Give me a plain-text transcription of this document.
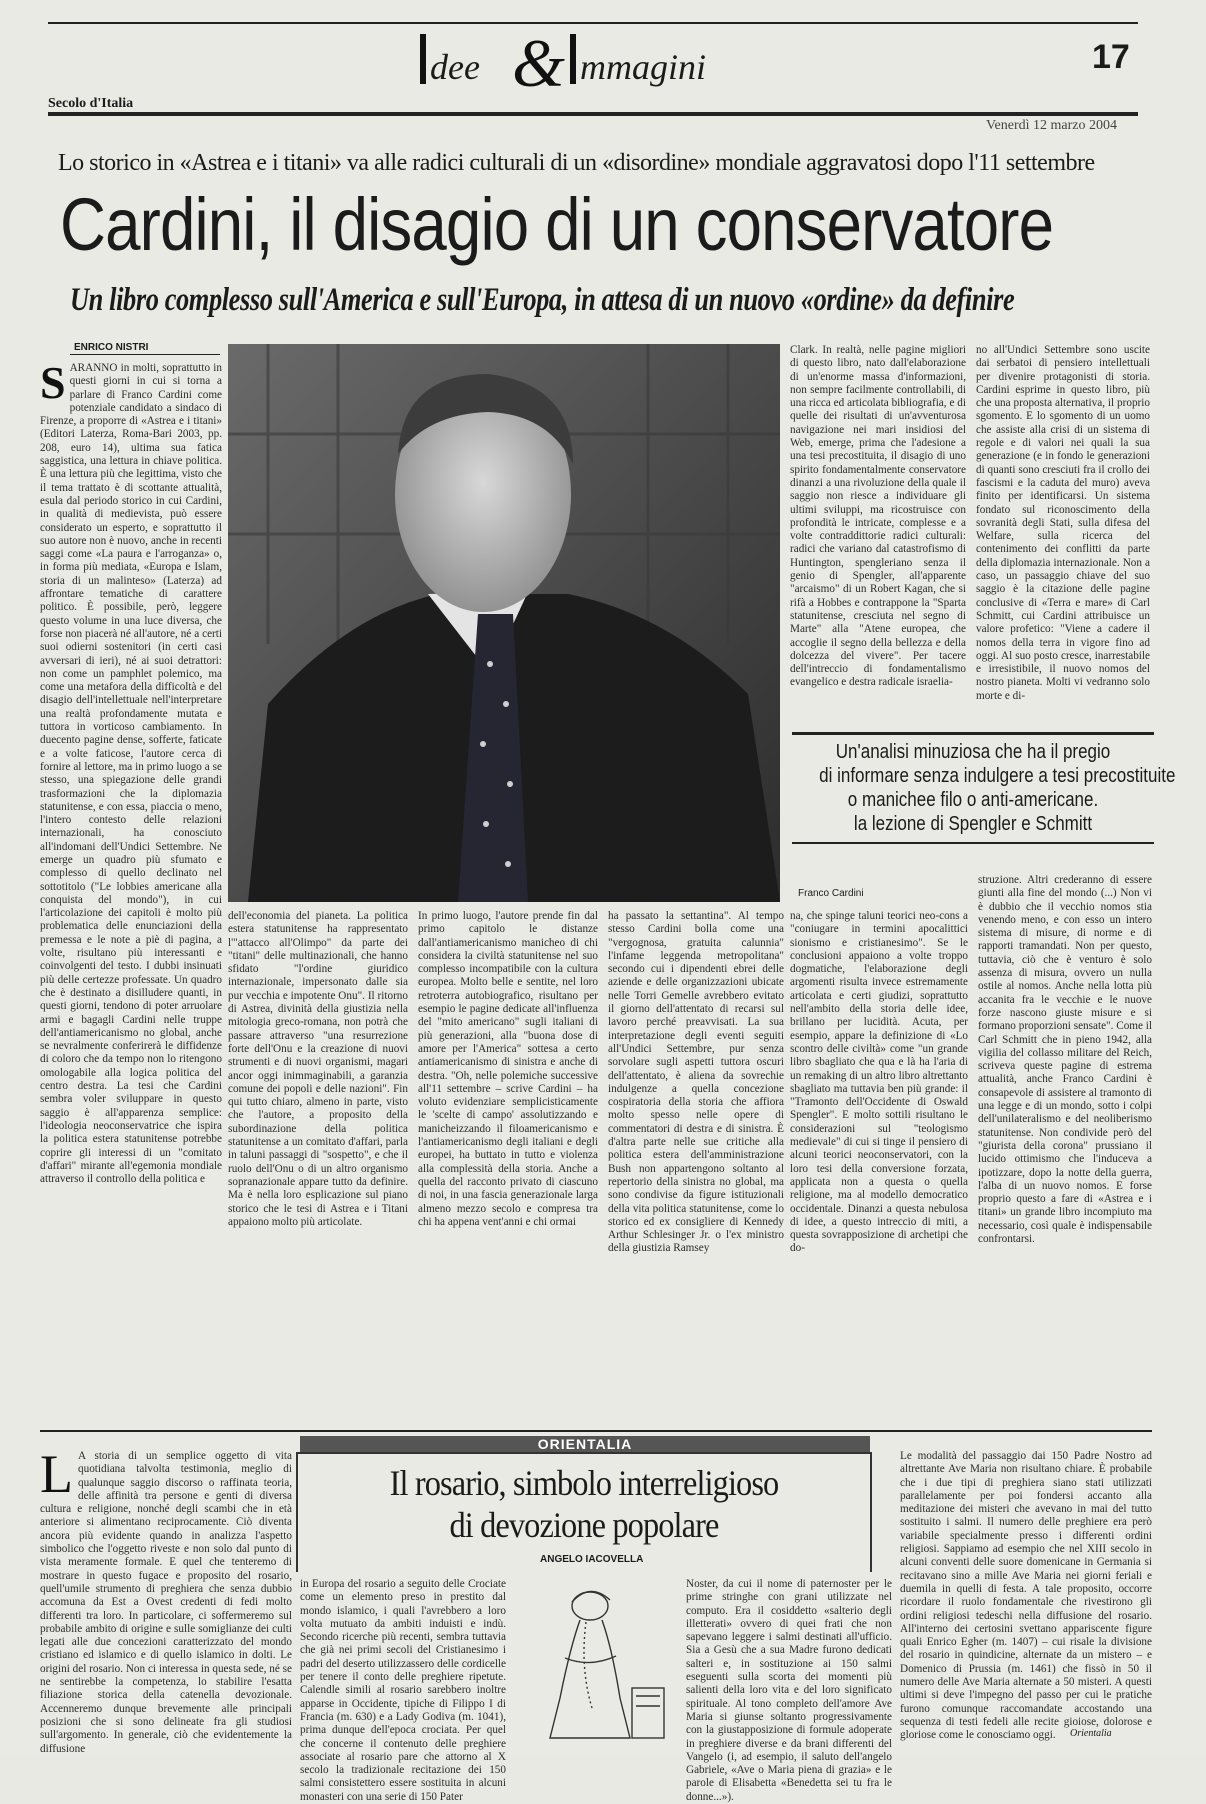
dee & mmagini	17
Secolo d'Italia
Venerdì 12 marzo 2004
Lo storico in «Astrea e i titani» va alle radici culturali di un «disordine» mondiale aggravatosi dopo l'11 settembre
Cardini, il disagio di un conservatore
Un libro complesso sull'America e sull'Europa, in attesa di un nuovo «ordine» da definire
ENRICO NISTRI
SARANNO in molti, soprattutto in questi giorni in cui si torna a parlare di Franco Cardini come potenziale candidato a sindaco di Firenze, a proporre di «Astrea e i titani» (Editori Laterza, Roma-Bari 2003, pp. 208, euro 14), ultima sua fatica saggistica, una lettura in chiave politica. È una lettura più che legittima, visto che il tema trattato è di scottante attualità, esula dal periodo storico in cui Cardini, in qualità di medievista, può essere considerato un esperto, e soprattutto il suo autore non è nuovo, anche in recenti saggi come «La paura e l'arroganza» o, in forma più mediata, «Europa e Islam, storia di un malinteso» (Laterza) ad affrontare tematiche di carattere politico. È possibile, però, leggere questo volume in una luce diversa, che forse non piacerà né all'autore, né a certi suoi odierni sostenitori (in certi casi avversari di ieri), né ai suoi detrattori: non come un pamphlet polemico, ma come una metafora della difficoltà e del disagio dell'intellettuale nell'interpretare una realtà profondamente mutata e tuttora in vorticoso cambiamento. In duecento pagine dense, sofferte, faticate e a volte faticose, l'autore cerca di fornire al lettore, ma in primo luogo a se stesso, una spiegazione delle grandi trasformazioni che la diplomazia statunitense, e con essa, piaccia o meno, l'intero contesto delle relazioni internazionali, ha conosciuto all'indomani dell'Undici Settembre. Ne emerge un quadro più sfumato e complesso di quello declinato nel sottotitolo ("Le lobbies americane alla conquista del mondo"), in cui l'articolazione dei capitoli è molto più problematica delle enunciazioni della premessa e le note a piè di pagina, a volte, risultano più interessanti e coinvolgenti del testo. I dubbi insinuati più delle certezze professate. Un quadro che è destinato a disilludere quanti, in questi giorni, tendono di poter arruolare armi e bagagli Cardini nelle truppe dell'antiamericanismo no global, anche se nevralmente conferirerà le diffidenze di coloro che da tempo non lo ritengono omologabile alla logica politica del centro destra. La tesi che Cardini sembra voler sviluppare in questo saggio è all'apparenza semplice: l'ideologia neoconservatrice che ispira la politica estera statunitense potrebbe coprire gli interessi di un "comitato d'affari" mirante all'egemonia mondiale attraverso il controllo della politica e
Un'analisi minuziosa che ha il pregio
di informare senza indulgere a tesi precostituite
o manichee filo o anti-americane.
la lezione di Spengler e Schmitt
Franco Cardini
dell'economia del pianeta. La politica estera statunitense ha rappresentato l'"attacco all'Olimpo" da parte dei "titani" delle multinazionali, che hanno sfidato "l'ordine giuridico internazionale, impersonato dalle sia pur vecchia e impotente Onu". Il ritorno di Astrea, divinità della giustizia nella mitologia greco-romana, non potrà che passare attraverso "una resurrezione forte dell'Onu e la creazione di nuovi strumenti e di nuovi organismi, magari ancor oggi inimmaginabili, a garanzia comune dei popoli e delle nazioni". Fin qui tutto chiaro, almeno in parte, visto che l'autore, a proposito della subordinazione della politica statunitense a un comitato d'affari, parla in taluni passaggi di "sospetto", e che il ruolo dell'Onu o di un altro organismo sopranazionale appare tutto da definire. Ma è nella loro esplicazione sul piano storico che le tesi di Astrea e i Titani appaiono molto più articolate.
In primo luogo, l'autore prende fin dal primo capitolo le distanze dall'antiamericanismo manicheo di chi considera la civiltà statunitense nel suo complesso incompatibile con la cultura europea. Molto belle e sentite, nel loro retroterra autobiografico, risultano per esempio le pagine dedicate all'influenza del "mito americano" sugli italiani di più generazioni, alla "buona dose di amore per l'America" sottesa a certo antiamericanismo di sinistra e anche di destra. "Oh, nelle polemiche successive all'11 settembre – scrive Cardini – ha voluto evidenziare semplicisticamente le 'scelte di campo' assolutizzando e manicheizzando il filoamericanismo e l'antiamericanismo degli italiani e degli europei, ha buttato in tutto e violenza alla complessità della storia. Anche a quella del racconto privato di ciascuno di noi, in una fascia generazionale larga almeno mezzo secolo e compresa tra chi ha appena vent'anni e chi ormai
ha passato la settantina". Al tempo stesso Cardini bolla come una "vergognosa, gratuita calunnia" l'infame leggenda metropolitana" secondo cui i dipendenti ebrei delle aziende e delle organizzazioni ubicate nelle Torri Gemelle avrebbero evitato il giorno dell'attentato di recarsi sul lavoro perché preavvisati. La sua interpretazione degli eventi seguiti all'Undici Settembre, pur senza sorvolare sugli aspetti tuttora oscuri dell'attentato, è aliena da sovrechie indulgenze a quella concezione cospiratoria della storia che affiora molto spesso nelle opere di commentatori di destra e di sinistra. È d'altra parte nelle sue critiche alla politica estera dell'amministrazione Bush non appartengono soltanto al repertorio della sinistra no global, ma sono condivise da figure istituzionali della vita politica statunitense, come lo storico ed ex consigliere di Kennedy Arthur Schlesinger Jr. o l'ex ministro della giustizia Ramsey
Clark. In realtà, nelle pagine migliori di questo libro, nato dall'elaborazione di un'enorme massa d'informazioni, non sempre facilmente controllabili, di una ricca ed articolata bibliografia, e di quelle dei risultati di un'avventurosa navigazione nei mari insidiosi del Web, emerge, prima che l'adesione a una tesi precostituita, il disagio di uno spirito fondamentalmente conservatore dinanzi a una rivoluzione della quale il saggio non riesce a individuare gli ultimi sviluppi, ma ricostruisce con profondità le intricate, complesse e a volte contraddittorie radici culturali: radici che variano dal catastrofismo di Huntington, spengleriano senza il genio di Spengler, all'apparente "arcaismo" di un Robert Kagan, che si rifà a Hobbes e contrappone la "Sparta statunitense, cresciuta nel segno di Marte" alla "Atene europea, che accoglie il segno della bellezza e della dolcezza del vivere". Per tacere dell'intreccio di fondamentalismo evangelico e destra radicale israelia-
no all'Undici Settembre sono uscite dai serbatoi di pensiero intellettuali per divenire protagonisti di storia. Cardini esprime in questo libro, più che una proposta alternativa, il proprio sgomento. E lo sgomento di un uomo che assiste alla crisi di un sistema di regole e di valori nei quali la sua generazione (e in fondo le generazioni di quanti sono cresciuti fra il crollo dei fascismi e la caduta del muro) aveva finito per identificarsi. Un sistema fondato sul riconoscimento della sovranità degli Stati, sulla difesa del Welfare, sulla ricerca del contenimento dei conflitti da parte della diplomazia internazionale. Non a caso, un passaggio chiave del suo saggio è la citazione delle pagine conclusive di «Terra e mare» di Carl Schmitt, cui Cardini attribuisce un valore profetico: "Viene a cadere il nomos della terra in vigore fino ad oggi. Al suo posto cresce, inarrestabile e irresistibile, il nuovo nomos del nostro pianeta. Molti vi vedranno solo morte e di-
na, che spinge taluni teorici neo-cons a "coniugare in termini apocalittici sionismo e cristianesimo". Se le conclusioni appaiono a volte troppo dogmatiche, l'elaborazione degli argomenti risulta invece estremamente articolata e certi giudizi, soprattutto nell'ambito della storia delle idee, brillano per lucidità. Acuta, per esempio, appare la definizione di «Lo scontro delle civiltà» come "un grande libro sbagliato che qua e là ha l'aria di un remaking di un altro libro altrettanto sbagliato ma tuttavia ben più grande: il "Tramonto dell'Occidente di Oswald Spengler". E molto sottili risultano le considerazioni sul "teologismo medievale" di cui si tinge il pensiero di alcuni teorici neoconservatori, con la loro tesi della conversione forzata, applicata non a questa o quella religione, ma al modello democratico occidentale. Dinanzi a questa nebulosa di idee, a questo intreccio di miti, a questa sovrapposizione di archetipi che do-
struzione. Altri crederanno di essere giunti alla fine del mondo (...) Non vi è dubbio che il vecchio nomos stia venendo meno, e con esso un intero sistema di misure, di norme e di rapporti tramandati. Non per questo, tuttavia, ciò che è venturo è solo assenza di misura, ovvero un nulla ostile al nomos. Anche nella lotta più accanita fra le vecchie e le nuove forze nascono giuste misure e si formano proporzioni sensate". Come il Carl Schmitt che in pieno 1942, alla vigilia del collasso militare del Reich, scriveva queste pagine di estrema attualità, anche Franco Cardini è consapevole di assistere al tramonto di una legge e di un mondo, sotto i colpi dell'unilateralismo e del neoliberismo statunitense. Non condivide però del "giurista della corona" prussiano il lucido ottimismo che l'induceva a ipotizzare, dopo la notte della guerra, l'alba di un nuovo nomos. E forse proprio questo a fare di «Astrea e i titani» un grande libro incompiuto ma necessario, così quale è indispensabile confrontarsi.
ORIENTALIA
Il rosario, simbolo interreligioso
di devozione popolare
ANGELO IACOVELLA
L A storia di un semplice oggetto di vita quotidiana talvolta testimonia, meglio di qualunque saggio discorso o raffinata teoria, delle affinità tra persone e genti di diversa cultura e religione, nonché degli scambi che in età anteriore si alimentano reciprocamente. Ciò diventa ancora più evidente quando in analizza l'aspetto simbolico che l'oggetto riveste e non solo dal punto di vista meramente formale. E quel che tenteremo di mostrare in questo fugace e proposito del rosario, quell'umile strumento di preghiera che senza dubbio accomuna da Est a Ovest credenti di fedi molto differenti tra loro. In particolare, ci soffermeremo sul probabile ambito di origine e sulle somiglianze dei culti legati alle due concezioni caratterizzato del mondo cristiano ed islamico e di quello islamico in dolti. Le origini del rosario. Non ci interessa in questa sede, né se ne sentirebbe la competenza, lo stabilire l'esatta filiazione storica della catenella devozionale. Accenneremo dunque brevemente alle principali posizioni che si sono delineate fra gli studiosi sull'argomento. In generale, ciò che evidentemente la diffusione
in Europa del rosario a seguito delle Crociate come un elemento preso in prestito dal mondo islamico, i quali l'avrebbero a loro volta mutuato da ambiti induisti e indù. Secondo ricerche più recenti, sembra tuttavia che già nei primi secoli del Cristianesimo i padri del deserto utilizzassero delle cordicelle per tenere il conto delle preghiere ripetute. Calendle simili al rosario sarebbero inoltre apparse in Occidente, tipiche di Filippo I di Francia (m. 630) e a Lady Godiva (m. 1041), prima dunque dell'epoca crociata. Per quel che concerne il contenuto delle preghiere associate al rosario pare che attorno al X secolo la tradizionale recitazione dei 150 salmi consistettero essere sostituita in alcuni monasteri con una serie di 150 Pater
Noster, da cui il nome di paternoster per le prime stringhe con grani utilizzate nel computo. Era il cosiddetto «salterio degli illetterati» ovvero di quei frati che non sapevano leggere i salmi destinati all'ufficio. Sia a Gesù che a sua Madre furono dedicati salteri e, in sostituzione ai 150 salmi eseguenti sulla scorta dei momenti più salienti della loro vita e del loro significato spirituale. Al tono completo dell'amore Ave Maria si giunse soltanto progressivamente con la giustapposizione di formule adoperate in preghiere diverse e da brani differenti del Vangelo (i, ad esempio, il saluto dell'angelo Gabriele, «Ave o Maria piena di grazia» e le parole di Elisabetta «Benedetta sei tu fra le donne...»).
Le modalità del passaggio dai 150 Padre Nostro ad altrettante Ave Maria non risultano chiare. È probabile che i due tipi di preghiera siano stati utilizzati parallelamente per poi fondersi accanto alla meditazione dei misteri che avevano in mai del tutto sostituito i salmi. Il numero delle preghiere era però variabile specialmente presso i differenti ordini religiosi. Sappiamo ad esempio che nel XIII secolo in alcuni conventi delle suore domenicane in Germania si recitavano sino a mille Ave Maria nei giorni feriali e duemila in quelli di festa. A tale proposito, occorre ricordare il ruolo fondamentale che rivestirono gli ordini religiosi tedeschi nella diffusione del rosario. All'interno dei certosini svettano appariscente figure quali Enrico Egher (m. 1407) – cui risale la divisione del rosario in quindicine, alternate da un mistero – e Domenico di Prussia (m. 1461) che fissò in 50 il numero delle Ave Maria alternate a 50 misteri. A questi ultimi si deve l'impegno del passo per cui le pratiche furono comunque raccomandate accostando una sequenza di testi fedeli alle recite gioiose, dolorose e gloriose come le conosciamo oggi.	Orientalia
